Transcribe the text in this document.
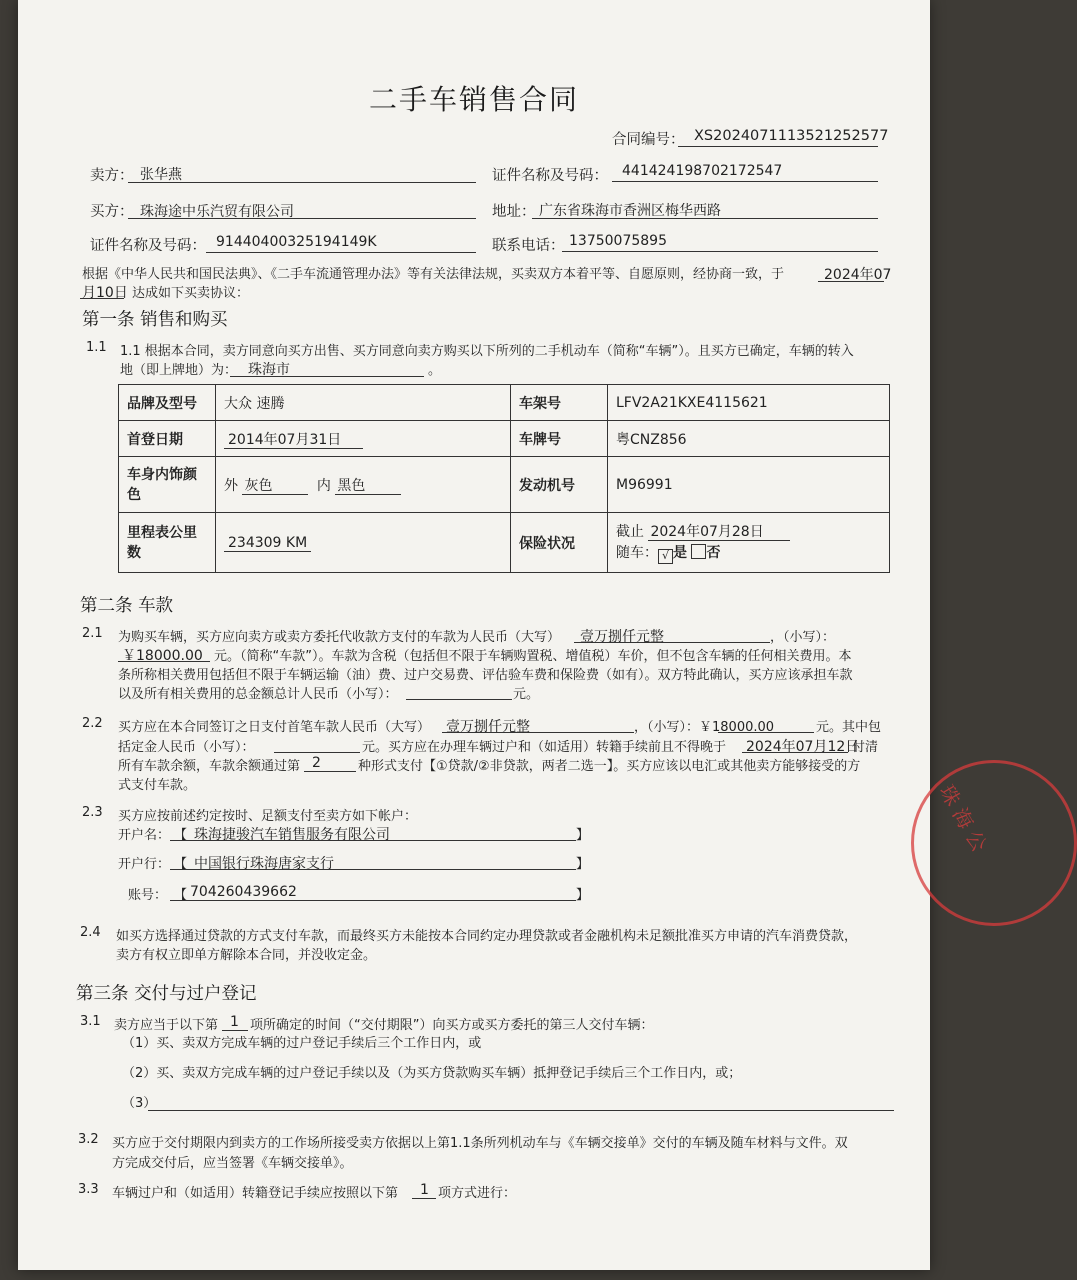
二手车销售合同
合同编号： XS2024071113521252577
卖方： 张华燕	证件名称及号码： 441424198702172547
买方： 珠海途中乐汽贸有限公司	地址： 广东省珠海市香洲区梅华西路
证件名称及号码： 91440400325194149K	联系电话： 13750075895
根据《中华人民共和国民法典》、《二手车流通管理办法》等有关法律法规，买卖双方本着平等、自愿原则，经协商一致，于	2024年07
月10日 达成如下买卖协议：
第一条 销售和购买
1.1 1.1 根据本合同，卖方同意向买方出售、买方同意向卖方购买以下所列的二手机动车（简称“车辆”）。且买方已确定，车辆的转入
地（即上牌地）为： 珠海市	。
品牌及型号	大众 速腾	车架号	LFV2A21KXE4115621
首登日期	2014年07月31日	车牌号	粤CNZ856
车身内饰颜色	外 灰色 内 黑色	发动机号	M96991
里程表公里数	234309 KM	保险状况	截止 2024年07月28日
随车： √ 是 否
第二条 车款
2.1 为购买车辆，买方应向卖方或卖方委托代收款方支付的车款为人民币（大写） 壹万捌仟元整	，（小写）：
￥18000.00 元。（简称“车款”）。车款为含税（包括但不限于车辆购置税、增值税）车价，但不包含车辆的任何相关费用。本
条所称相关费用包括但不限于车辆运输（油）费、过户交易费、评估验车费和保险费（如有）。双方特此确认，买方应该承担车款
以及所有相关费用的总金额总计人民币（小写）：	元。
2.2 买方应在本合同签订之日支付首笔车款人民币（大写） 壹万捌仟元整	，（小写）：￥18000.00	元。其中包
括定金人民币（小写）：	元。买方应在办理车辆过户和（如适用）转籍手续前且不得晚于 2024年07月12日
付清
所有车款余额，车款余额通过第 2	种形式支付【①贷款/②非贷款，两者二选一】。买方应该以电汇或其他卖方能够接受的方
式支付车款。
2.3 买方应按前述约定按时、足额支付至卖方如下帐户：
开户名： 【 珠海捷骏汽车销售服务有限公司	】
开户行： 【 中国银行珠海唐家支行	】
账号： 【 704260439662	】
2.4 如买方选择通过贷款的方式支付车款，而最终买方未能按本合同约定办理贷款或者金融机构未足额批准买方申请的汽车消费贷款，
卖方有权立即单方解除本合同，并没收定金。
第三条 交付与过户登记
3.1 卖方应当于以下第 1 项所确定的时间（“交付期限”）向买方或买方委托的第三人交付车辆：
（1）买、卖双方完成车辆的过户登记手续后三个工作日内，或
（2）买、卖双方完成车辆的过户登记手续以及（为买方贷款购买车辆）抵押登记手续后三个工作日内，或；
（3）
3.2 买方应于交付期限内到卖方的工作场所接受卖方依据以上第1.1条所列机动车与《车辆交接单》交付的车辆及随车材料与文件。双
方完成交付后，应当签署《车辆交接单》。
3.3 车辆过户和（如适用）转籍登记手续应按照以下第 1 项方式进行：
珠 海 公
